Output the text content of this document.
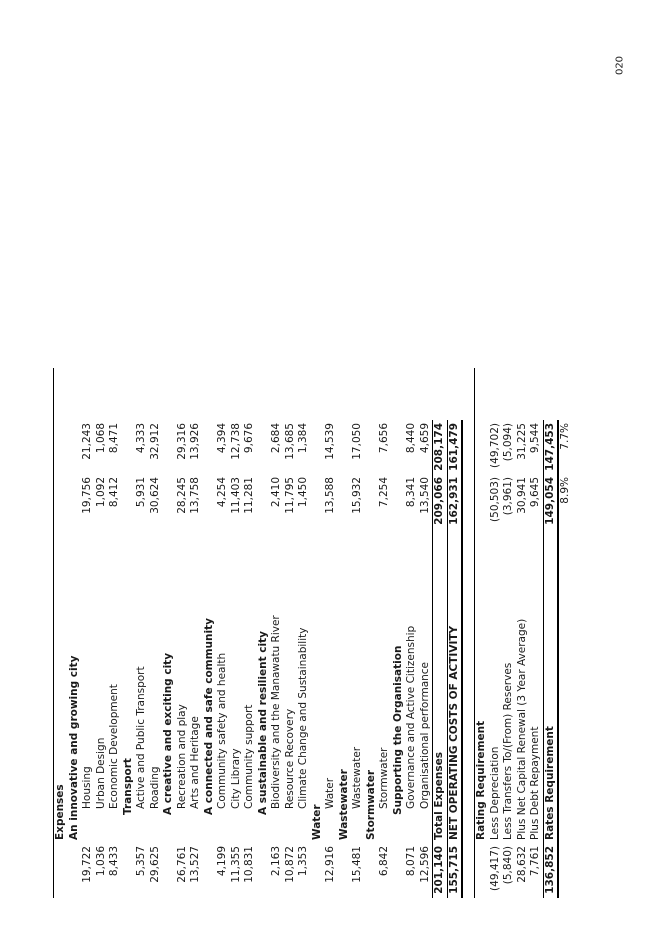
020
	Expenses			
	An innovative and growing city			
19,722	Housing	19,756	21,243	
1,036	Urban Design	1,092	1,068	
8,433	Economic Development	8,412	8,471	
	Transport			
5,357	Active and Public Transport	5,931	4,333	
29,625	Roading	30,624	32,912	
	A creative and exciting city			
26,761	Recreation and play	28,245	29,316	
13,527	Arts and Heritage	13,758	13,926	
	A connected and safe community			
4,199	Community safety and health	4,254	4,394	
11,355	City Library	11,403	12,738	
10,831	Community support	11,281	9,676	
	A sustainable and resilient city			
2,163	Biodiversity and the Manawatu River	2,410	2,684	
10,872	Resource Recovery	11,795	13,685	
1,353	Climate Change and Sustainability	1,450	1,384	
	Water			
12,916	Water	13,588	14,539	
	Wastewater			
15,481	Wastewater	15,932	17,050	
	Stormwater			
6,842	Stormwater	7,254	7,656	
	Supporting the Organisation			
8,071	Governance and Active Citizenship	8,341	8,440	
12,596	Organisational performance	13,540	4,659	
201,140	Total Expenses	209,066	208,174	
155,715	NET OPERATING COSTS OF ACTIVITY	162,931	161,479	

	Rating Requirement			
(49,417)	Less Depreciation	(50,503)	(49,702)	
(5,840)	Less Transfers To/(From) Reserves	(3,961)	(5,094)	
28,632	Plus Net Capital Renewal (3 Year Average)	30,941	31,225	
7,761	Plus Debt Repayment	9,645	9,544	
136,852	Rates Requirement	149,054	147,453	
		8.9%	7.7%	
